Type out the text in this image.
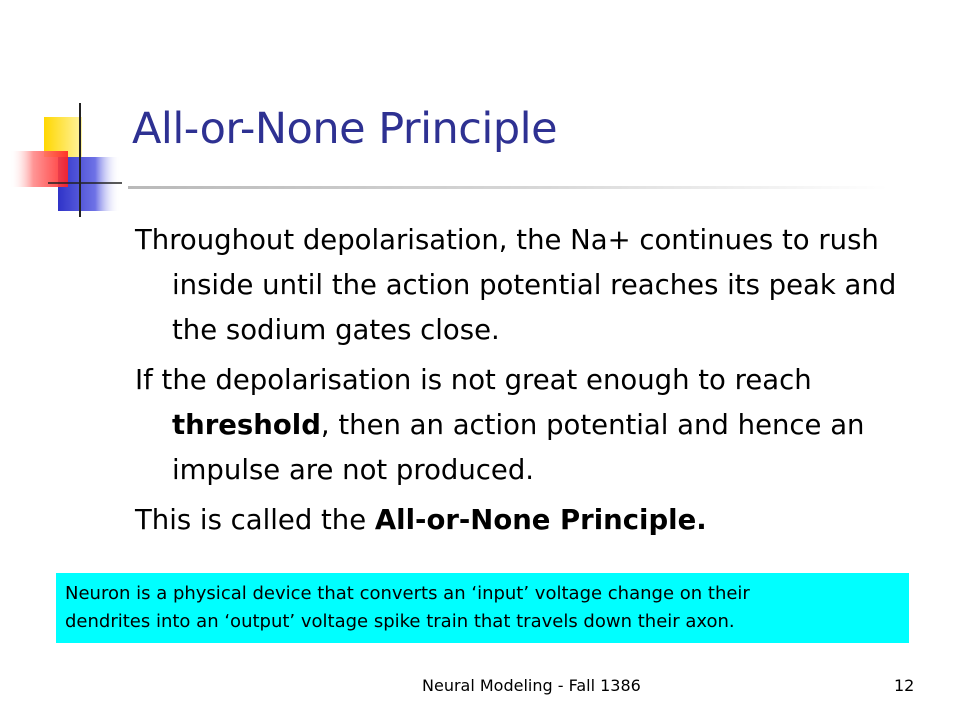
All-or-None Principle

Throughout depolarisation, the Na+ continues to rush inside until the action potential reaches its peak and the sodium gates close.

If the depolarisation is not great enough to reach threshold, then an action potential and hence an impulse are not produced.

This is called the All-or-None Principle.

Neuron is a physical device that converts an ‘input’ voltage change on their
dendrites into an ‘output’ voltage spike train that travels down their axon.
Neural Modeling - Fall 1386	12
